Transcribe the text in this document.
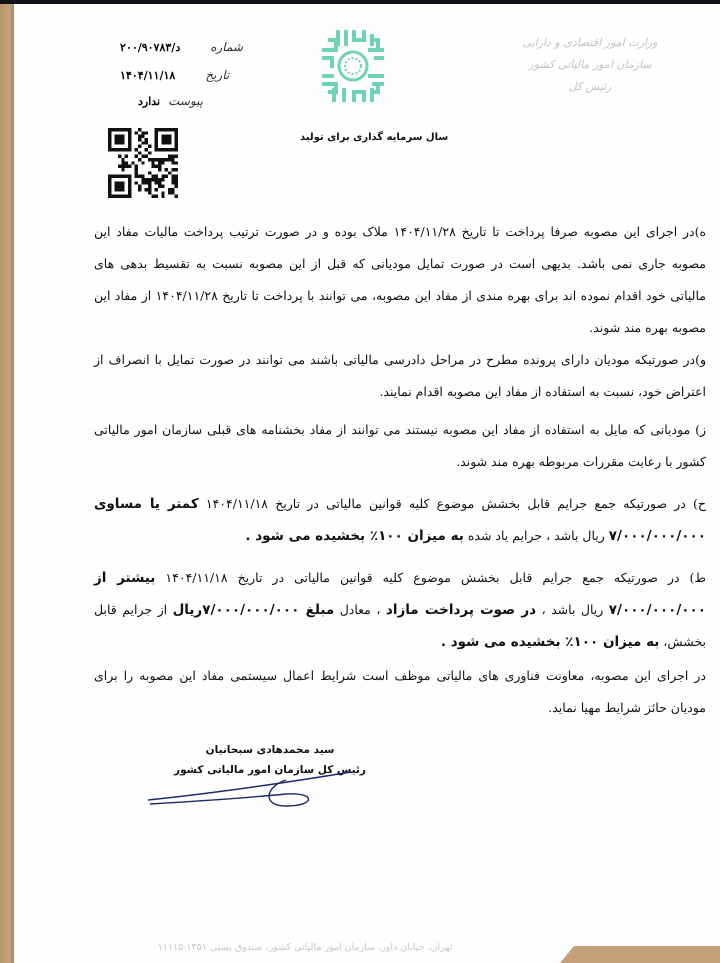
شماره
د/۲۰۰/۹۰۷۸۳
تاریخ
۱۴۰۴/۱۱/۱۸
پیوست
ندارد
وزارت امور اقتصادی و دارایی
سازمان امور مالیاتی کشور
رئیس کل
سال سرمایه گذاری برای تولید
ه)در اجرای این مصوبه صرفا پرداخت تا تاریخ ۱۴۰۴/۱۱/۲۸ ملاک بوده و در صورت ترتیب پرداخت مالیات مفاد این مصوبه جاری نمی باشد. بدیهی است در صورت تمایل مودیانی که قبل از این مصوبه نسبت به تقسیط بدهی های مالیاتی خود اقدام نموده اند برای بهره مندی از مفاد این مصوبه، می توانند با پرداخت تا تاریخ ۱۴۰۴/۱۱/۲۸ از مفاد این مصوبه بهره مند شوند.
و)در صورتیکه مودیان دارای پرونده مطرح در مراحل دادرسی مالیاتی باشند می توانند در صورت تمایل با انصراف از اعتراض خود، نسبت به استفاده از مفاد این مصوبه اقدام نمایند.
ز) مودیانی که مایل به استفاده از مفاد این مصوبه نیستند می توانند از مفاد بخشنامه های قبلی سازمان امور مالیاتی کشور با رعایت مقررات مربوطه بهره مند شوند.
ح) در صورتیکه جمع جرایم قابل بخشش موضوع کلیه قوانین مالیاتی در تاریخ ۱۴۰۴/۱۱/۱۸ کمتر یا مساوی ۷/۰۰۰/۰۰۰/۰۰۰ ریال باشد ، جرایم یاد شده به میزان ۱۰۰٪ بخشیده می شود .
ط) در صورتیکه جمع جرایم قابل بخشش موضوع کلیه قوانین مالیاتی در تاریخ ۱۴۰۴/۱۱/۱۸ بیشتر از ۷/۰۰۰/۰۰۰/۰۰۰ ریال باشد ، در صوت پرداخت مازاد ، معادل مبلغ ۷/۰۰۰/۰۰۰/۰۰۰ریال از جرایم قابل بخشش، به میزان ۱۰۰٪ بخشیده می شود .
در اجرای این مصوبه، معاونت فناوری های مالیاتی موظف است شرایط اعمال سیستمی مفاد این مصوبه را برای مودیان حائز شرایط مهیا نماید.
سید محمدهادی سبحانیان
رئیس کل سازمان امور مالیاتی کشور
تهران، خیابان داور، سازمان امور مالیاتی کشور، صندوق پستی ۱۴۵۱-۱۱۱۱۵
